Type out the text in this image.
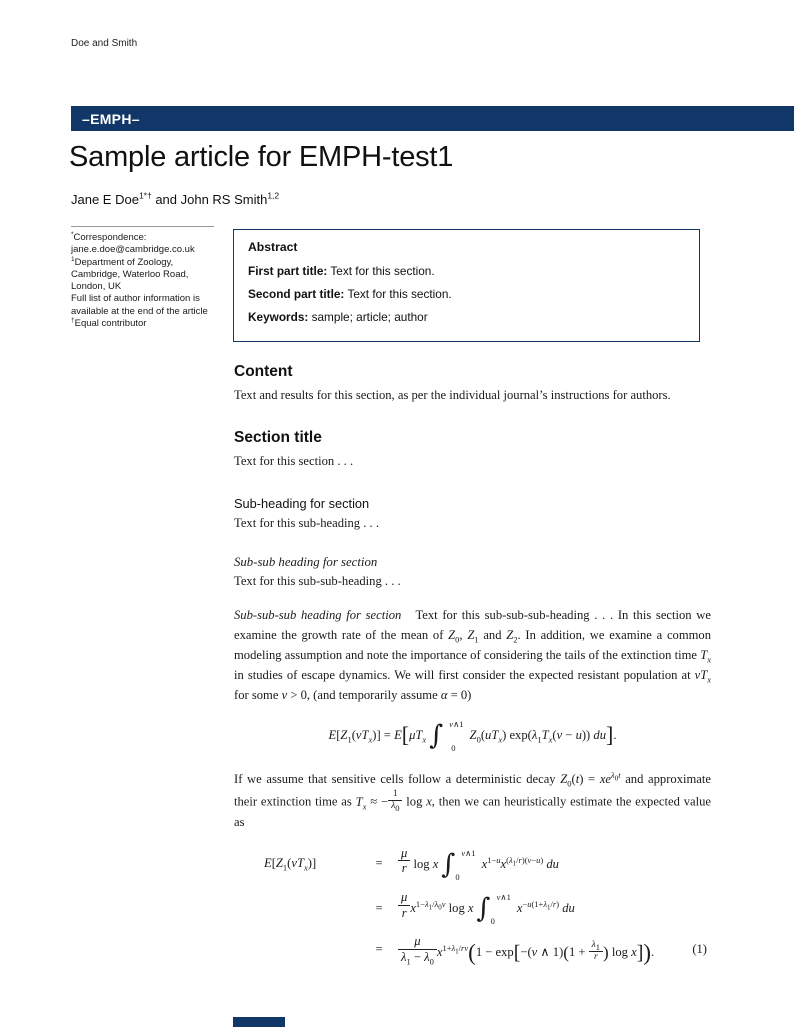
Doe and Smith
–EMPH–
Sample article for EMPH-test1
Jane E Doe$^{1*\dagger}$ and John RS Smith$^{1,2}$
*Correspondence:
jane.e.doe@cambridge.co.uk
$^1$Department of Zoology,
Cambridge, Waterloo Road,
London, UK
Full list of author information is
available at the end of the article
†Equal contributor
Abstract
First part title: Text for this section.
Second part title: Text for this section.
Keywords: sample; article; author
Content

Text and results for this section, as per the individual journal’s instructions for authors.

Section title

Text for this section . . .

Sub-heading for section

Text for this sub-heading . . .

Sub-sub heading for section

Text for this sub-sub-heading . . .

Sub-sub-sub heading for section   Text for this sub-sub-sub-heading . . . In this section we examine the growth rate of the mean of $Z_0$, $Z_1$ and $Z_2$. In addition, we examine a common modeling assumption and note the importance of considering the tails of the extinction time $T_x$ in studies of escape dynamics. We will first consider the expected resistant population at $vT_x$ for some v > 0, (and temporarily assume α = 0)

$E[Z_1(vT_x)] = E[\mu T_x$ ∫ v∧1
0
$Z_0(uT_x) \exp(\lambda_1T_x(v - u))$ du].

If we assume that sensitive cells follow a deterministic decay $Z_0(t) = xe^{\lambda_0t}$ and approximate their extinction time as $T_x$ ≈ − $\frac{1}{\lambda_0}$ log x, then we can heuristically estimate the expected value as

$E[Z_1(vT_x)]$	= $\frac{\mu}{r}$ log x ∫ v∧1
0
$x^{1-u}x^{(\lambda_1/r)(v-u)}$ du
= $\frac{\mu}{r} x^{1-\lambda_1/\lambda_0v}$ log x ∫ v∧1
0
$x^{-u(1+\lambda_1/r)}$ du
= $\frac{\mu}{\lambda_1 - \lambda_0} x^{1+\lambda_1/rv}(1 - \exp[-(v$ ∧ $1)(1 + \frac{\lambda_1}{r}$ ) log x]).	(1)
